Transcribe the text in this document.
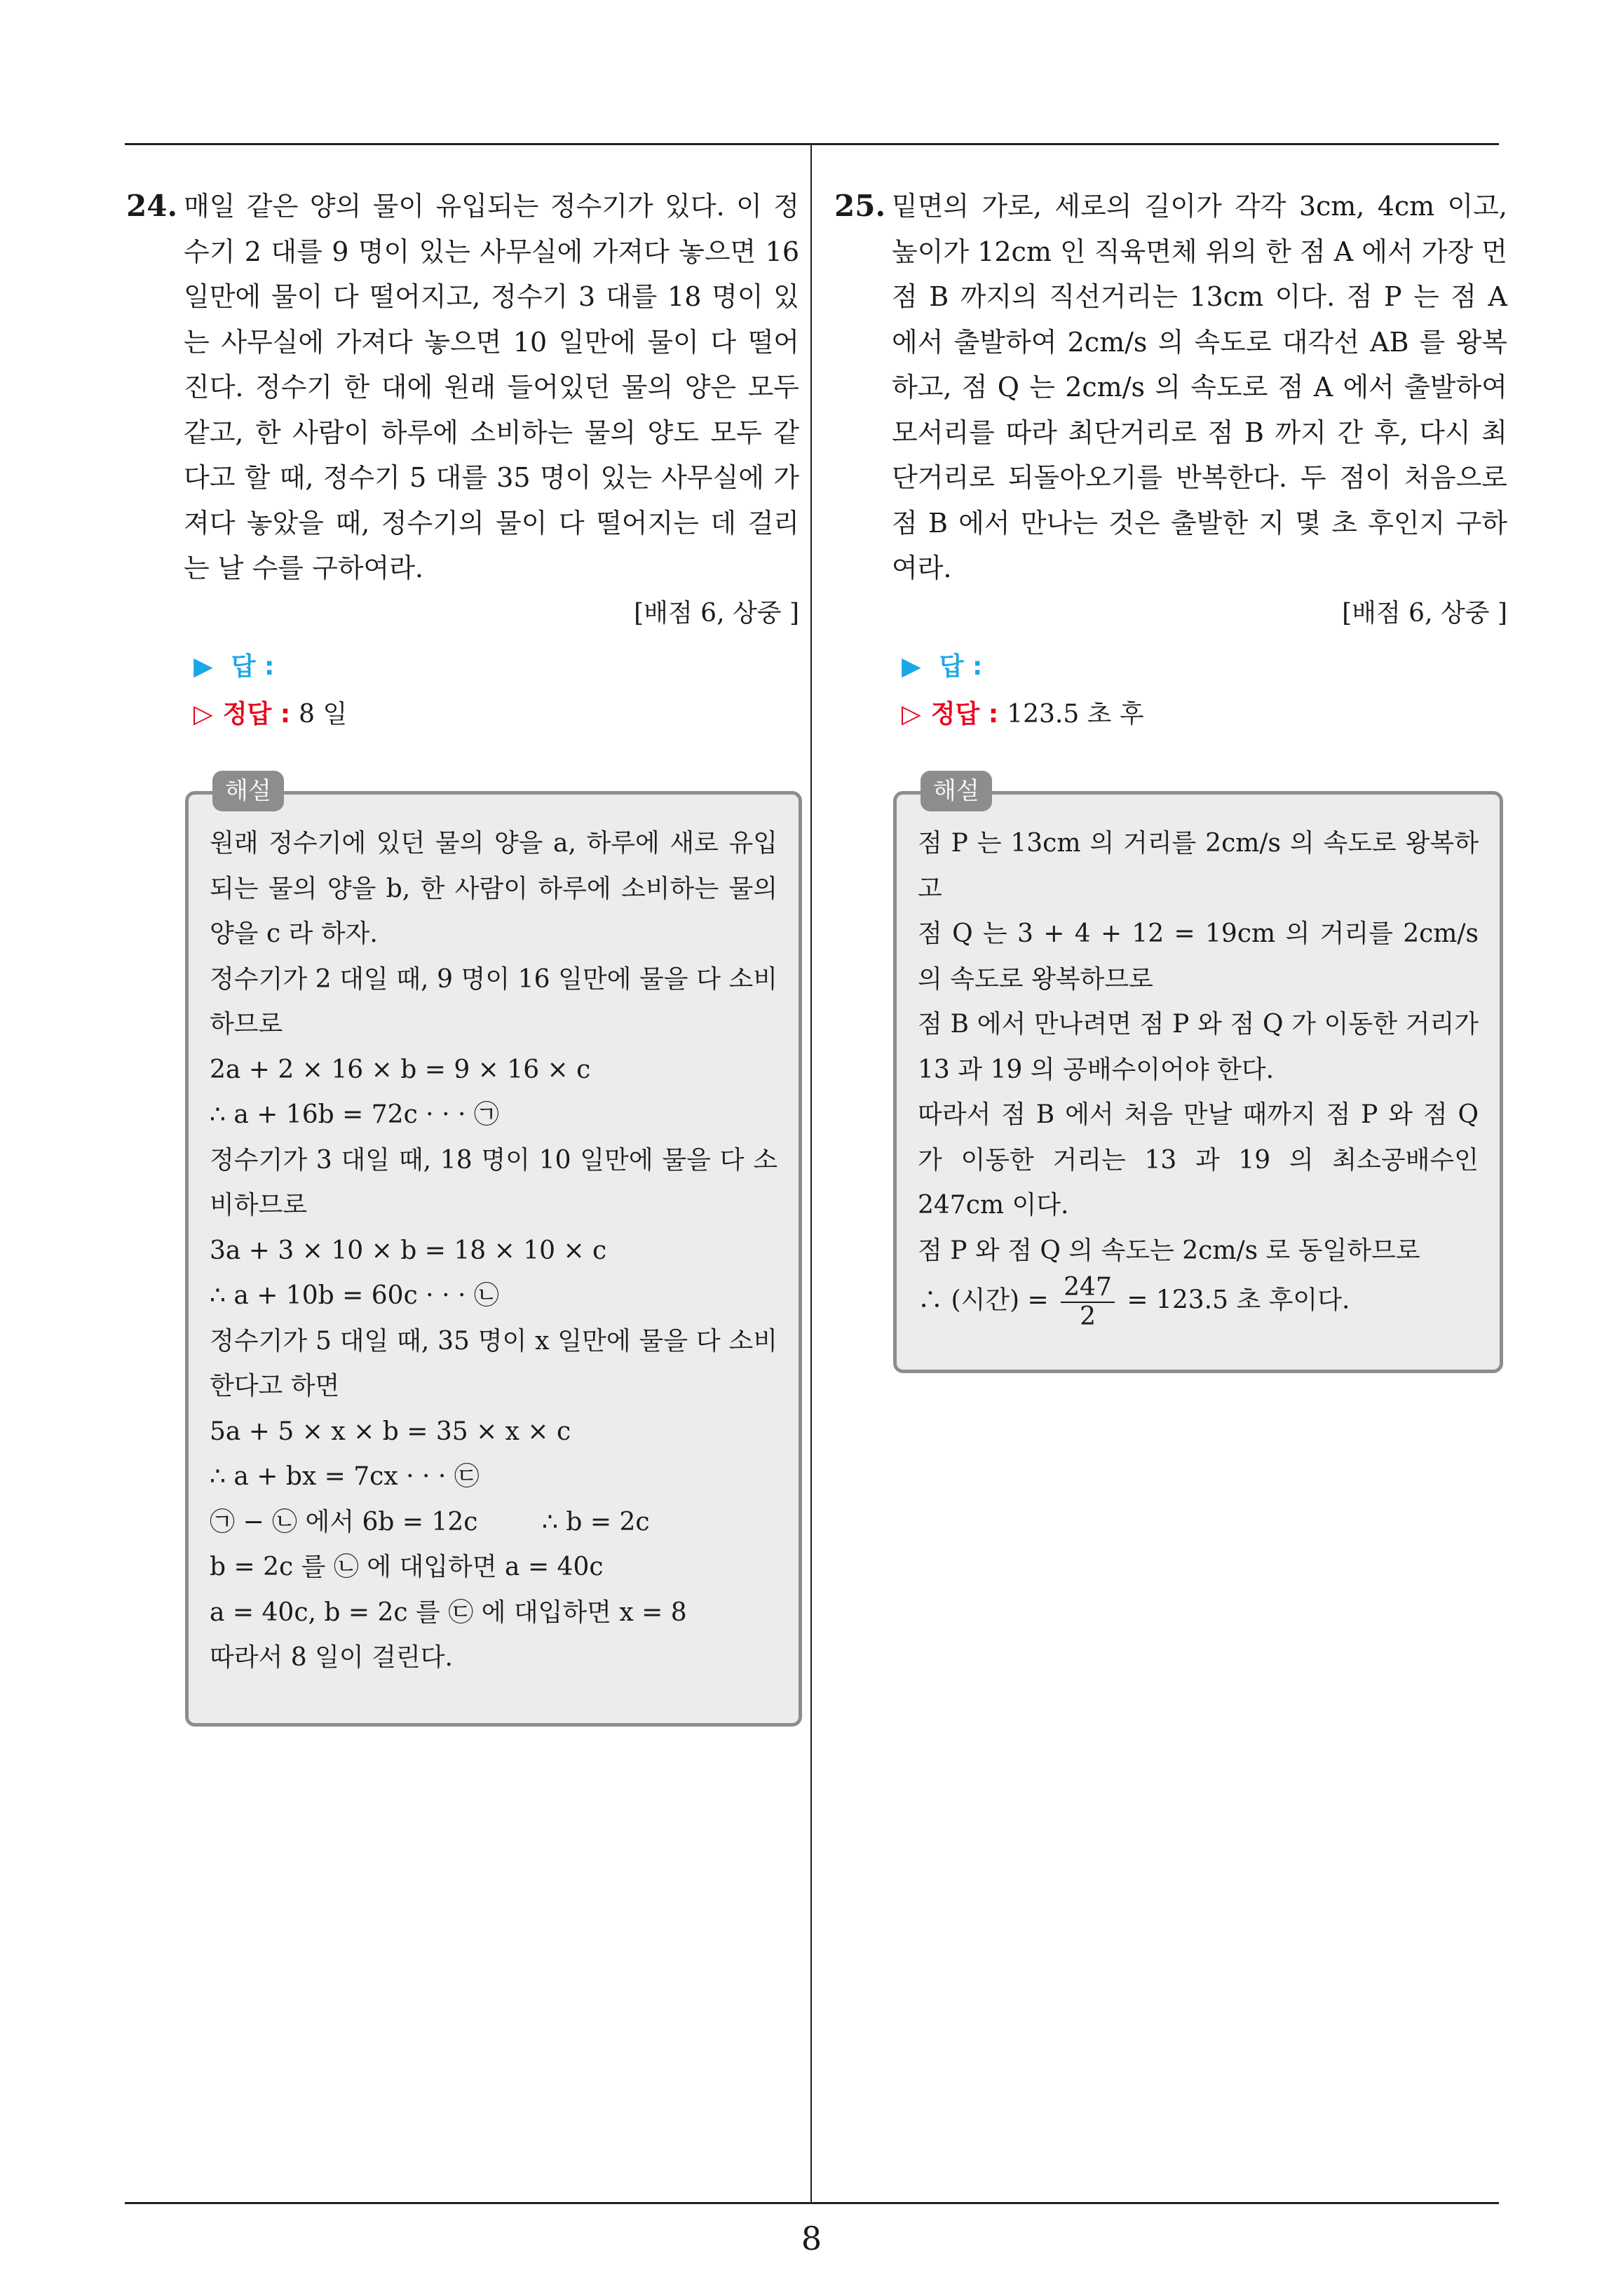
24. 매일 같은 양의 물이 유입되는 정수기가 있다. 이 정수기 2 대를 9 명이 있는 사무실에 가져다 놓으면 16 일만에 물이 다 떨어지고, 정수기 3 대를 18 명이 있는 사무실에 가져다 놓으면 10 일만에 물이 다 떨어진다. 정수기 한 대에 원래 들어있던 물의 양은 모두 같고, 한 사람이 하루에 소비하는 물의 양도 모두 같다고 할 때, 정수기 5 대를 35 명이 있는 사무실에 가져다 놓았을 때, 정수기의 물이 다 떨어지는 데 걸리는 날 수를 구하여라.
[배점 6, 상중 ]
▶ 답 :
▷ 정답 : 8 일
해설
원래 정수기에 있던 물의 양을 a, 하루에 새로 유입되는 물의 양을 b, 한 사람이 하루에 소비하는 물의 양을 c 라 하자.
정수기가 2 대일 때, 9 명이 16 일만에 물을 다 소비하므로
2a + 2 × 16 × b = 9 × 16 × c
∴ a + 16b = 72c · · · ㉠
정수기가 3 대일 때, 18 명이 10 일만에 물을 다 소비하므로
3a + 3 × 10 × b = 18 × 10 × c
∴ a + 10b = 60c · · · ㉡
정수기가 5 대일 때, 35 명이 x 일만에 물을 다 소비한다고 하면
5a + 5 × x × b = 35 × x × c
∴ a + bx = 7cx · · · ㉢
㉠ − ㉡ 에서 6b = 12c        ∴ b = 2c
b = 2c 를 ㉡ 에 대입하면 a = 40c
a = 40c, b = 2c 를 ㉢ 에 대입하면 x = 8
따라서 8 일이 걸린다.
25. 밑면의 가로, 세로의 길이가 각각 3cm, 4cm 이고, 높이가 12cm 인 직육면체 위의 한 점 A 에서 가장 먼 점 B 까지의 직선거리는 13cm 이다. 점 P 는 점 A 에서 출발하여 2cm/s 의 속도로 대각선 AB 를 왕복하고, 점 Q 는 2cm/s 의 속도로 점 A 에서 출발하여 모서리를 따라 최단거리로 점 B 까지 간 후, 다시 최단거리로 되돌아오기를 반복한다. 두 점이 처음으로 점 B 에서 만나는 것은 출발한 지 몇 초 후인지 구하여라.
[배점 6, 상중 ]
▶ 답 :
▷ 정답 : 123.5 초 후
해설
점 P 는 13cm 의 거리를 2cm/s 의 속도로 왕복하고
점 Q 는 3 + 4 + 12 = 19cm 의 거리를 2cm/s 의 속도로 왕복하므로
점 B 에서 만나려면 점 P 와 점 Q 가 이동한 거리가 13 과 19 의 공배수이어야 한다.
따라서 점 B 에서 처음 만날 때까지 점 P 와 점 Q 가 이동한 거리는 13 과 19 의 최소공배수인 247cm 이다.
점 P 와 점 Q 의 속도는 2cm/s 로 동일하므로
∴ (시간) = $\frac{247}{2} = 123.5$ 초 후이다.
8
